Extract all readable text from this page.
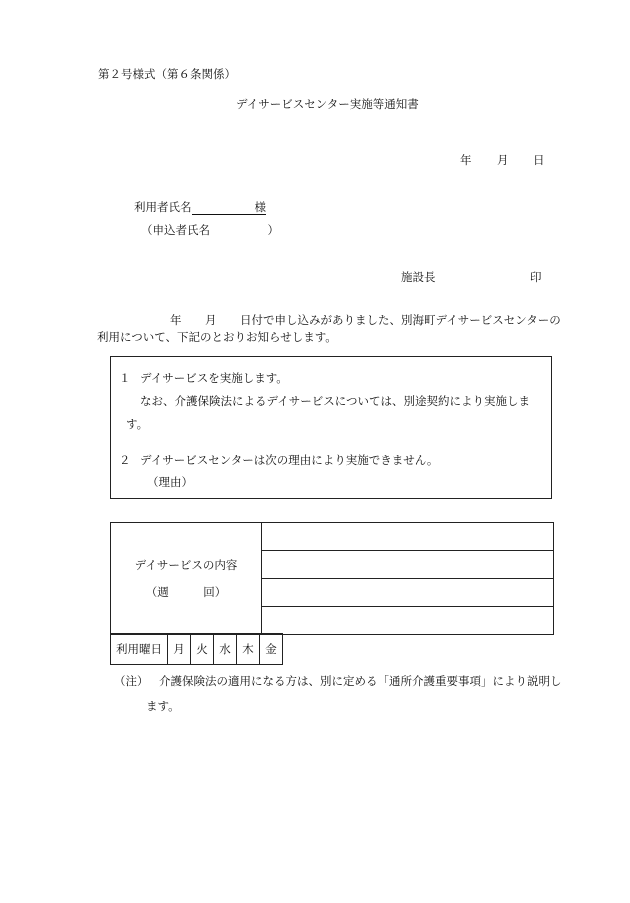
第２号様式（第６条関係）
デイサービスセンター実施等通知書
年 月 日
利用者氏名	様
（申込者氏名　　　　　）
施設長	印
年 月 日付で申し込みがありました、別海町デイサービスセンターの
利用について、下記のとおりお知らせします。
１ デイサービスを実施します。
なお、介護保険法によるデイサービスについては、別途契約により実施しま
す。
２ デイサービスセンターは次の理由により実施できません。
（理由）
デイサービスの内容
（週　　　回）

利用曜日	月	火	水	木	金
（注） 介護保険法の適用になる方は、別に定める「通所介護重要事項」により説明し
ます。
